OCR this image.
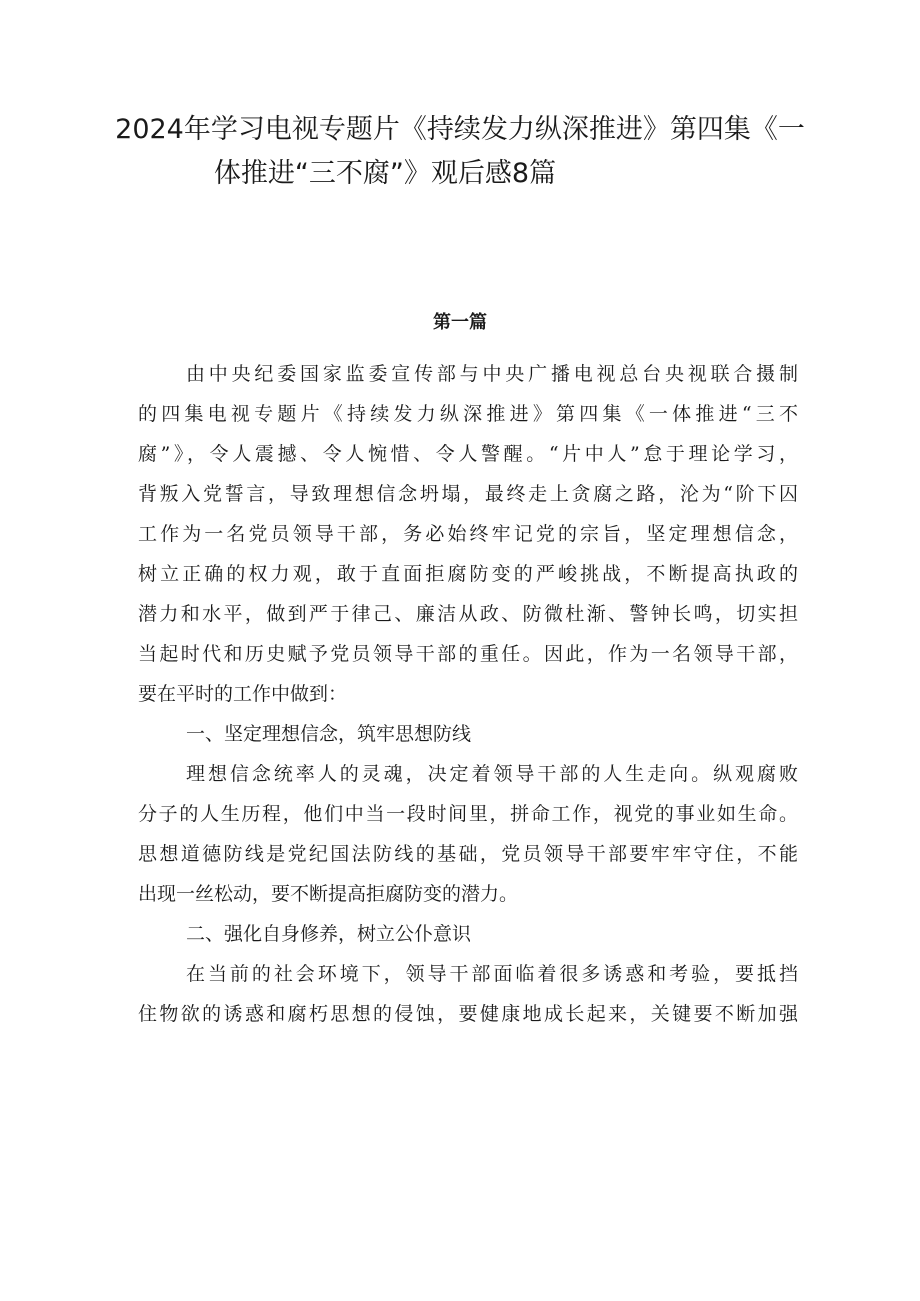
2024年学习电视专题片《持续发力纵深推进》第四集《一
体推进“三不腐”》观后感8篇
第一篇
由中央纪委国家监委宣传部与中央广播电视总台央视联合摄制
的四集电视专题片《持续发力纵深推进》第四集《一体推进“三不
腐”》，令人震撼、令人惋惜、令人警醒。“片中人”怠于理论学习，
背叛入党誓言，导致理想信念坍塌，最终走上贪腐之路，沦为“阶下囚
工作为一名党员领导干部，务必始终牢记党的宗旨，坚定理想信念，
树立正确的权力观，敢于直面拒腐防变的严峻挑战，不断提高执政的
潜力和水平，做到严于律己、廉洁从政、防微杜渐、警钟长鸣，切实担
当起时代和历史赋予党员领导干部的重任。因此，作为一名领导干部，
要在平时的工作中做到：
一、坚定理想信念，筑牢思想防线
理想信念统率人的灵魂，决定着领导干部的人生走向。纵观腐败
分子的人生历程，他们中当一段时间里，拼命工作，视党的事业如生命。
思想道德防线是党纪国法防线的基础，党员领导干部要牢牢守住，不能
出现一丝松动，要不断提高拒腐防变的潜力。
二、强化自身修养，树立公仆意识
在当前的社会环境下，领导干部面临着很多诱惑和考验，要抵挡
住物欲的诱惑和腐朽思想的侵蚀，要健康地成长起来，关键要不断加强
